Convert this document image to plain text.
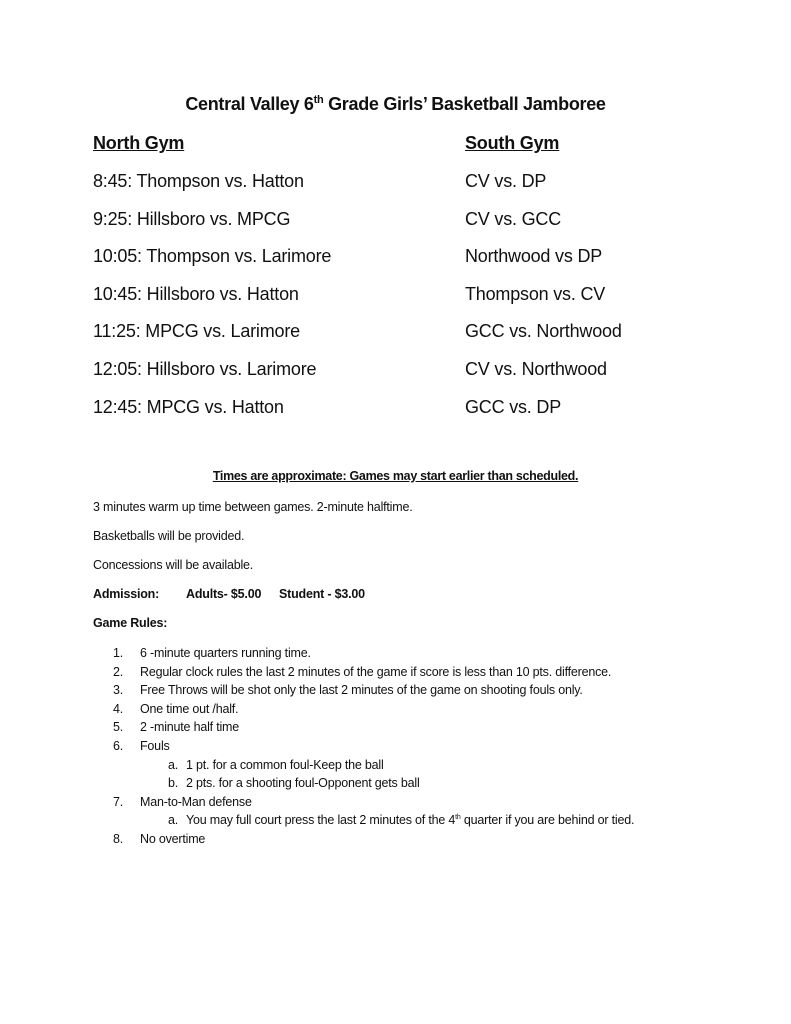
Central Valley 6th Grade Girls’ Basketball Jamboree
North Gym	South Gym
8:45: Thompson vs. Hatton	CV vs. DP
9:25: Hillsboro vs. MPCG	CV vs. GCC
10:05: Thompson vs. Larimore	Northwood vs DP
10:45: Hillsboro vs. Hatton	Thompson vs. CV
11:25: MPCG vs. Larimore	GCC vs. Northwood
12:05: Hillsboro vs. Larimore	CV vs. Northwood
12:45: MPCG vs. Hatton	GCC vs. DP
Times are approximate: Games may start earlier than scheduled.
3 minutes warm up time between games. 2-minute halftime.
Basketballs will be provided.
Concessions will be available.
Admission: Adults- $5.00 Student - $3.00
Game Rules:
1. 6 -minute quarters running time.
2. Regular clock rules the last 2 minutes of the game if score is less than 10 pts. difference.
3. Free Throws will be shot only the last 2 minutes of the game on shooting fouls only.
4. One time out /half.
5. 2 -minute half time
6. Fouls
a. 1 pt. for a common foul-Keep the ball
b. 2 pts. for a shooting foul-Opponent gets ball
7. Man-to-Man defense
a. You may full court press the last 2 minutes of the 4th quarter if you are behind or tied.
8. No overtime
